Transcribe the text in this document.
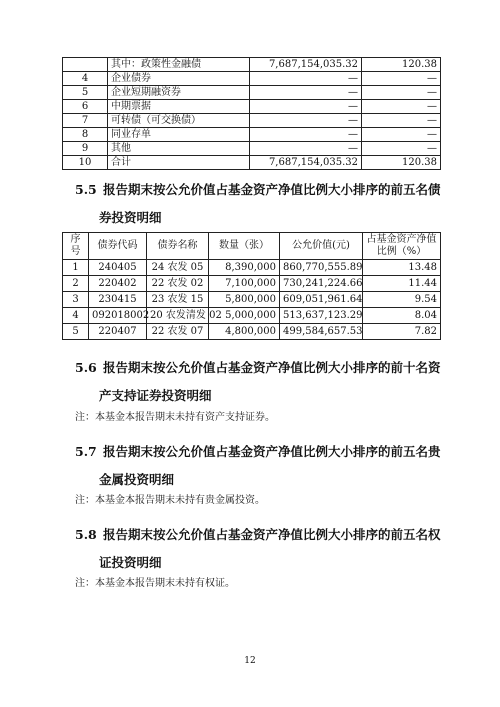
	其中：政策性金融债	7,687,154,035.32	120.38
4	企业债券	—	—
5	企业短期融资券	—	—
6	中期票据	—	—
7	可转债（可交换债）	—	—
8	同业存单	—	—
9	其他	—	—
10	合计	7,687,154,035.32	120.38
5.5 报告期末按公允价值占基金资产净值比例大小排序的前五名债
券投资明细
序号	债券代码	债券名称	数量（张）	公允价值(元)	占基金资产净值比例（%）
1	240405	24 农发 05	8,390,000	860,770,555.89	13.48
2	220402	22 农发 02	7,100,000	730,241,224.66	11.44
3	230415	23 农发 15	5,800,000	609,051,961.64	9.54
4	092018002	20 农发清发 02	5,000,000	513,637,123.29	8.04
5	220407	22 农发 07	4,800,000	499,584,657.53	7.82
5.6 报告期末按公允价值占基金资产净值比例大小排序的前十名资
产支持证券投资明细
注：本基金本报告期末未持有资产支持证券。
5.7 报告期末按公允价值占基金资产净值比例大小排序的前五名贵
金属投资明细
注：本基金本报告期末未持有贵金属投资。
5.8 报告期末按公允价值占基金资产净值比例大小排序的前五名权
证投资明细
注：本基金本报告期末未持有权证。
12
